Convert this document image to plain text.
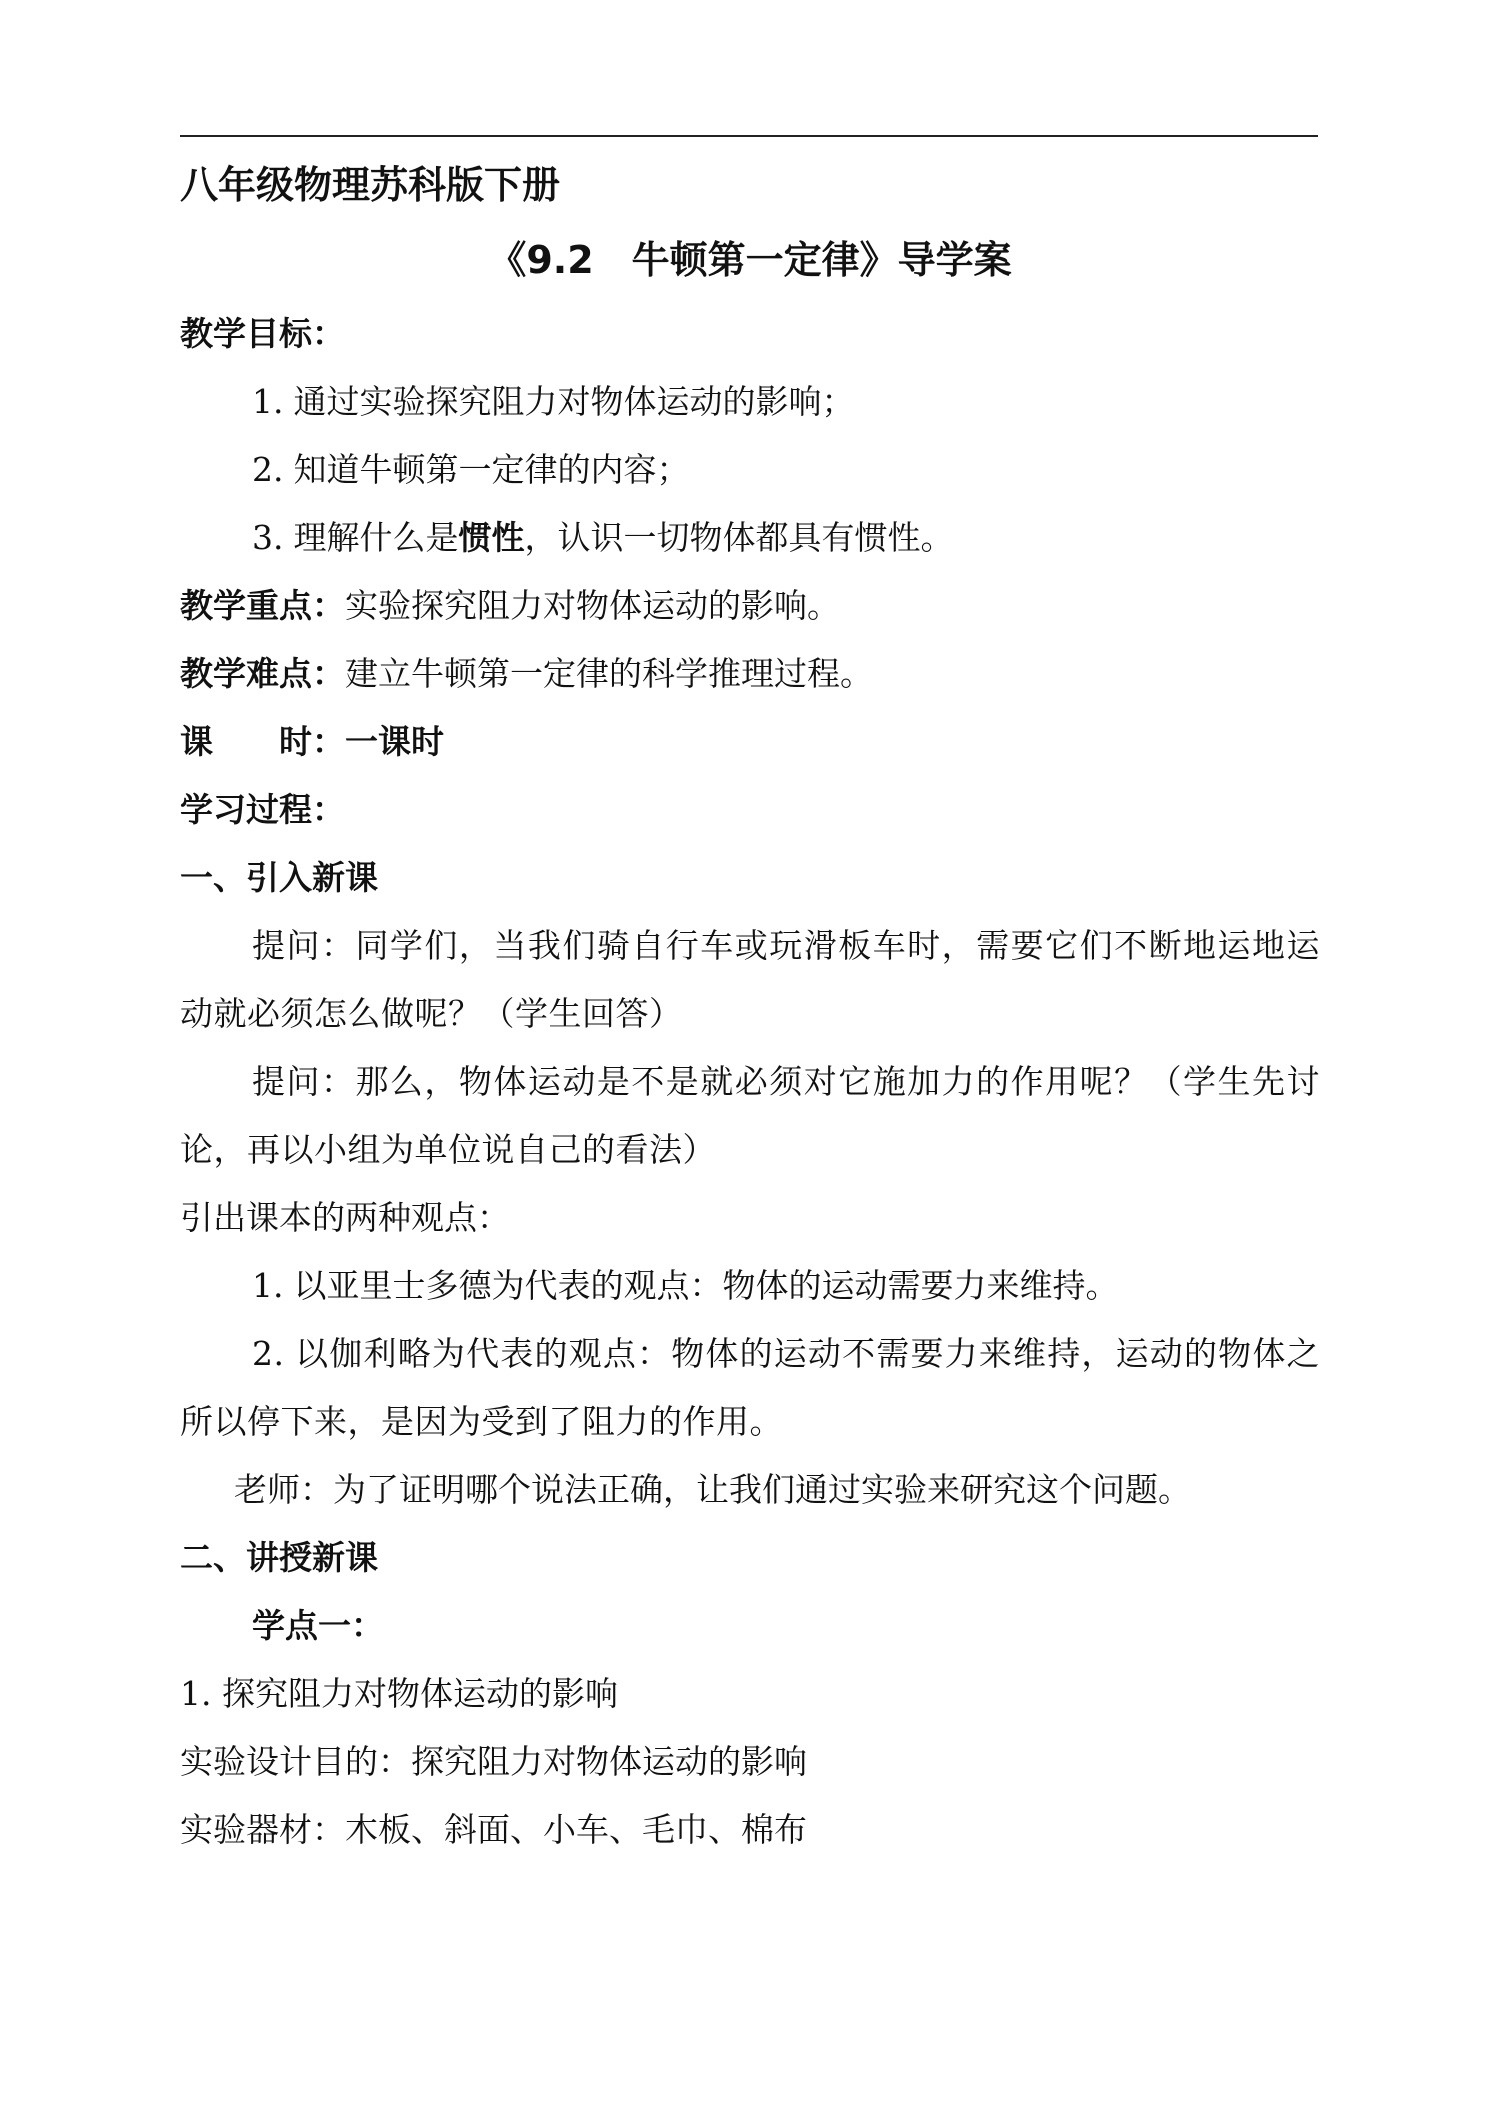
八年级物理苏科版下册

《9.2　牛顿第一定律》导学案

教学目标：

1. 通过实验探究阻力对物体运动的影响；

2. 知道牛顿第一定律的内容；

3. 理解什么是惯性，认识一切物体都具有惯性。

教学重点：实验探究阻力对物体运动的影响。

教学难点：建立牛顿第一定律的科学推理过程。

课　　时：一课时

学习过程：

一、引入新课

提问：同学们，当我们骑自行车或玩滑板车时，需要它们不断地运地运动就必须怎么做呢？（学生回答）

提问：那么，物体运动是不是就必须对它施加力的作用呢？（学生先讨论，再以小组为单位说自己的看法）

引出课本的两种观点：

1. 以亚里士多德为代表的观点：物体的运动需要力来维持。

2. 以伽利略为代表的观点：物体的运动不需要力来维持，运动的物体之所以停下来，是因为受到了阻力的作用。

老师：为了证明哪个说法正确，让我们通过实验来研究这个问题。

二、讲授新课

学点一：

1. 探究阻力对物体运动的影响

实验设计目的：探究阻力对物体运动的影响

实验器材：木板、斜面、小车、毛巾、棉布
